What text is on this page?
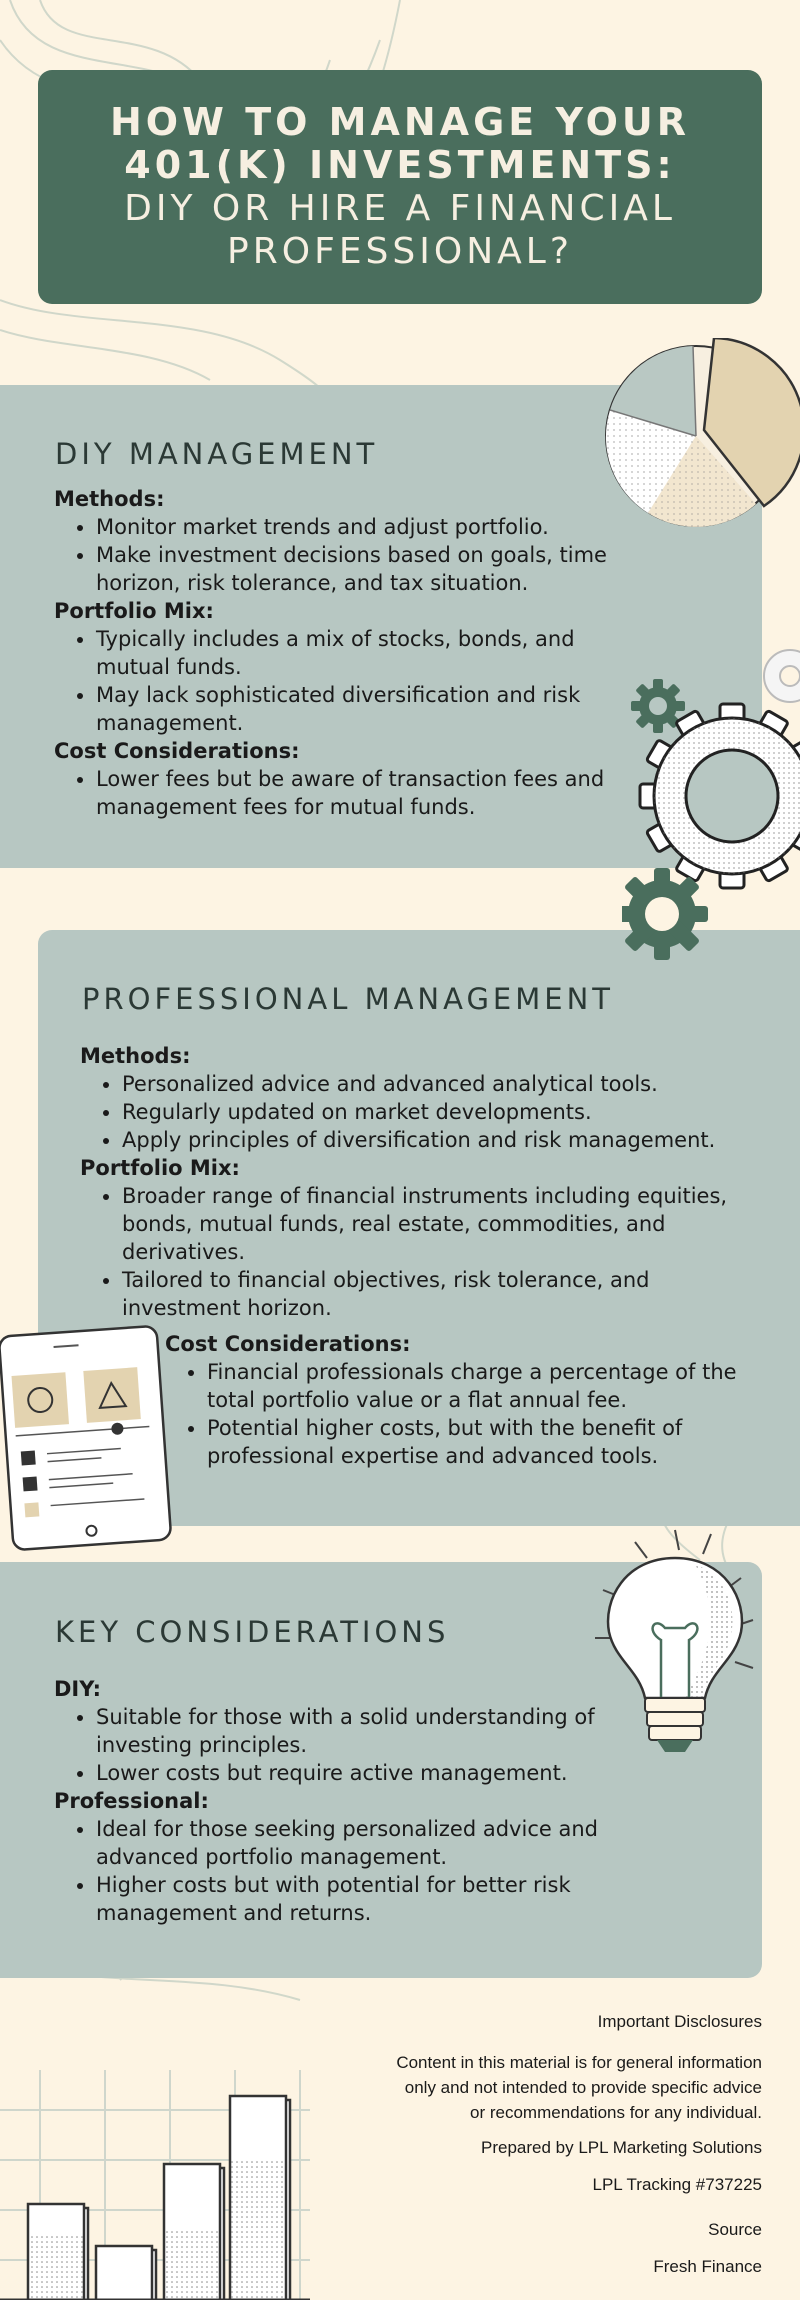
HOW TO MANAGE YOUR
401(K) INVESTMENTS:
DIY OR HIRE A FINANCIAL
PROFESSIONAL?
DIY MANAGEMENT
Methods:
• Monitor market trends and adjust portfolio.
• Make investment decisions based on goals, time horizon, risk tolerance, and tax situation.
Portfolio Mix:
• Typically includes a mix of stocks, bonds, and mutual funds.
• May lack sophisticated diversification and risk management.
Cost Considerations:
• Lower fees but be aware of transaction fees and management fees for mutual funds.
PROFESSIONAL MANAGEMENT
Methods:
• Personalized advice and advanced analytical tools.
• Regularly updated on market developments.
• Apply principles of diversification and risk management.
Portfolio Mix:
• Broader range of financial instruments including equities, bonds, mutual funds, real estate, commodities, and derivatives.
• Tailored to financial objectives, risk tolerance, and investment horizon.
Cost Considerations:
• Financial professionals charge a percentage of the total portfolio value or a flat annual fee.
• Potential higher costs, but with the benefit of professional expertise and advanced tools.
KEY CONSIDERATIONS
DIY:
• Suitable for those with a solid understanding of investing principles.
• Lower costs but require active management.
Professional:
• Ideal for those seeking personalized advice and advanced portfolio management.
• Higher costs but with potential for better risk management and returns.
Important Disclosures
Content in this material is for general information
only and not intended to provide specific advice
or recommendations for any individual.
Prepared by LPL Marketing Solutions
LPL Tracking #737225
Source
Fresh Finance
